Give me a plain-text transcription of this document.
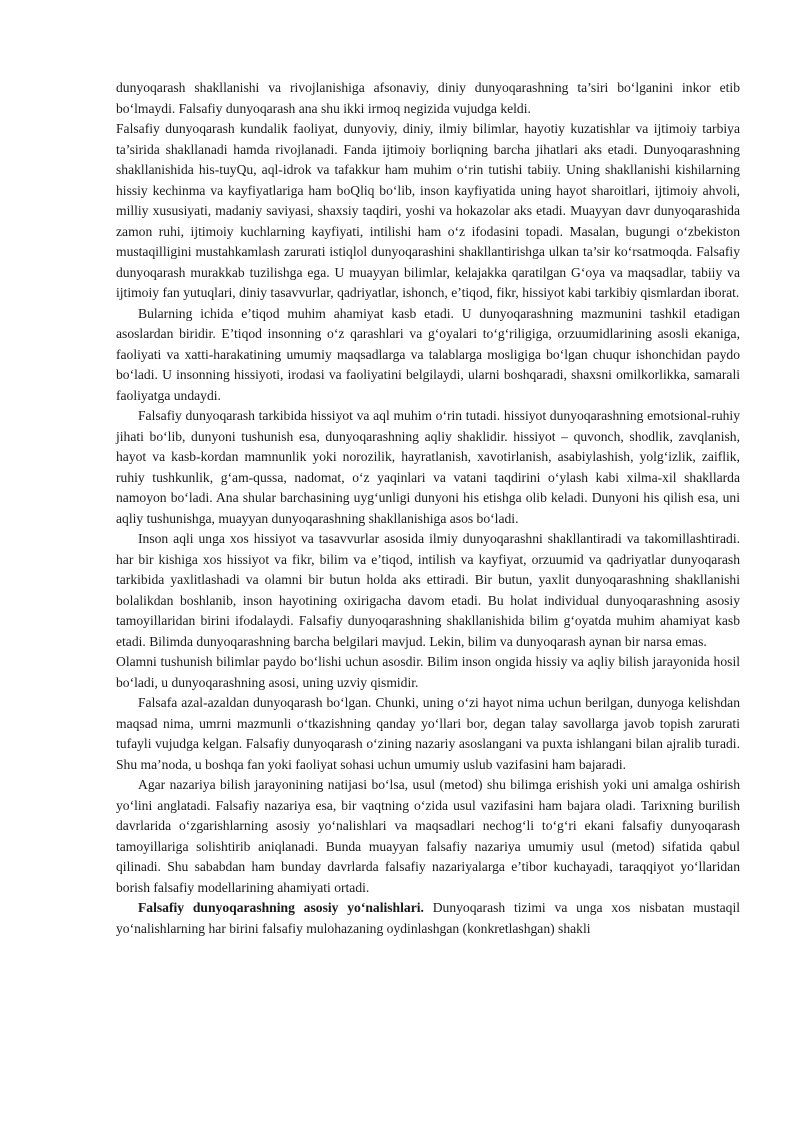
dunyoqarash shakllanishi va rivojlanishiga afsonaviy, diniy dunyoqarashning ta’siri bo‘lganini inkor etib bo‘lmaydi. Falsafiy dunyoqarash ana shu ikki irmoq negizida vujudga keldi.

Falsafiy dunyoqarash kundalik faoliyat, dunyoviy, diniy, ilmiy bilimlar, hayotiy kuzatishlar va ijtimoiy tarbiya ta’sirida shakllanadi hamda rivojlanadi. Fanda ijtimoiy borliqning barcha jihatlari aks etadi. Dunyoqarashning shakllanishida his-tuyQu, aql-idrok va tafakkur ham muhim o‘rin tutishi tabiiy. Uning shakllanishi kishilarning hissiy kechinma va kayfiyatlariga ham boQliq bo‘lib, inson kayfiyatida uning hayot sharoitlari, ijtimoiy ahvoli, milliy xususiyati, madaniy saviyasi, shaxsiy taqdiri, yoshi va hokazolar aks etadi. Muayyan davr dunyoqarashida zamon ruhi, ijtimoiy kuchlarning kayfiyati, intilishi ham o‘z ifodasini topadi. Masalan, bugungi o‘zbekiston mustaqilligini mustahkamlash zarurati istiqlol dunyoqarashini shakllantirishga ulkan ta’sir ko‘rsatmoqda. Falsafiy dunyoqarash murakkab tuzilishga ega. U muayyan bilimlar, kelajakka qaratilgan G‘oya va maqsadlar, tabiiy va ijtimoiy fan yutuqlari, diniy tasavvurlar, qadriyatlar, ishonch, e’tiqod, fikr, hissiyot kabi tarkibiy qismlardan iborat.

Bularning ichida e’tiqod muhim ahamiyat kasb etadi. U dunyoqarashning mazmunini tashkil etadigan asoslardan biridir. E’tiqod insonning o‘z qarashlari va g‘oyalari to‘g‘riligiga, orzuumidlarining asosli ekaniga, faoliyati va xatti-harakatining umumiy maqsadlarga va talablarga mosligiga bo‘lgan chuqur ishonchidan paydo bo‘ladi. U insonning hissiyoti, irodasi va faoliyatini belgilaydi, ularni boshqaradi, shaxsni omilkorlikka, samarali faoliyatga undaydi.

Falsafiy dunyoqarash tarkibida hissiyot va aql muhim o‘rin tutadi. hissiyot dunyoqarashning emotsional-ruhiy jihati bo‘lib, dunyoni tushunish esa, dunyoqarashning aqliy shaklidir. hissiyot – quvonch, shodlik, zavqlanish, hayot va kasb-kordan mamnunlik yoki norozilik, hayratlanish, xavotirlanish, asabiylashish, yolg‘izlik, zaiflik, ruhiy tushkunlik, g‘am-qussa, nadomat, o‘z yaqinlari va vatani taqdirini o‘ylash kabi xilma-xil shakllarda namoyon bo‘ladi. Ana shular barchasining uyg‘unligi dunyoni his etishga olib keladi. Dunyoni his qilish esa, uni aqliy tushunishga, muayyan dunyoqarashning shakllanishiga asos bo‘ladi.

Inson aqli unga xos hissiyot va tasavvurlar asosida ilmiy dunyoqarashni shakllantiradi va takomillashtiradi. har bir kishiga xos hissiyot va fikr, bilim va e’tiqod, intilish va kayfiyat, orzuumid va qadriyatlar dunyoqarash tarkibida yaxlitlashadi va olamni bir butun holda aks ettiradi. Bir butun, yaxlit dunyoqarashning shakllanishi bolalikdan boshlanib, inson hayotining oxirigacha davom etadi. Bu holat individual dunyoqarashning asosiy tamoyillaridan birini ifodalaydi. Falsafiy dunyoqarashning shakllanishida bilim g‘oyatda muhim ahamiyat kasb etadi. Bilimda dunyoqarashning barcha belgilari mavjud. Lekin, bilim va dunyoqarash aynan bir narsa emas.

Olamni tushunish bilimlar paydo bo‘lishi uchun asosdir. Bilim inson ongida hissiy va aqliy bilish jarayonida hosil bo‘ladi, u dunyoqarashning asosi, uning uzviy qismidir.

Falsafa azal-azaldan dunyoqarash bo‘lgan. Chunki, uning o‘zi hayot nima uchun berilgan, dunyoga kelishdan maqsad nima, umrni mazmunli o‘tkazishning qanday yo‘llari bor, degan talay savollarga javob topish zarurati tufayli vujudga kelgan. Falsafiy dunyoqarash o‘zining nazariy asoslangani va puxta ishlangani bilan ajralib turadi. Shu ma’noda, u boshqa fan yoki faoliyat sohasi uchun umumiy uslub vazifasini ham bajaradi.

Agar nazariya bilish jarayonining natijasi bo‘lsa, usul (metod) shu bilimga erishish yoki uni amalga oshirish yo‘lini anglatadi. Falsafiy nazariya esa, bir vaqtning o‘zida usul vazifasini ham bajara oladi. Tarixning burilish davrlarida o‘zgarishlarning asosiy yo‘nalishlari va maqsadlari nechog‘li to‘g‘ri ekani falsafiy dunyoqarash tamoyillariga solishtirib aniqlanadi. Bunda muayyan falsafiy nazariya umumiy usul (metod) sifatida qabul qilinadi. Shu sababdan ham bunday davrlarda falsafiy nazariyalarga e’tibor kuchayadi, taraqqiyot yo‘llaridan borish falsafiy modellarining ahamiyati ortadi.

Falsafiy dunyoqarashning asosiy yo‘nalishlari. Dunyoqarash tizimi va unga xos nisbatan mustaqil yo‘nalishlarning har birini falsafiy mulohazaning oydinlashgan (konkretlashgan) shakli
